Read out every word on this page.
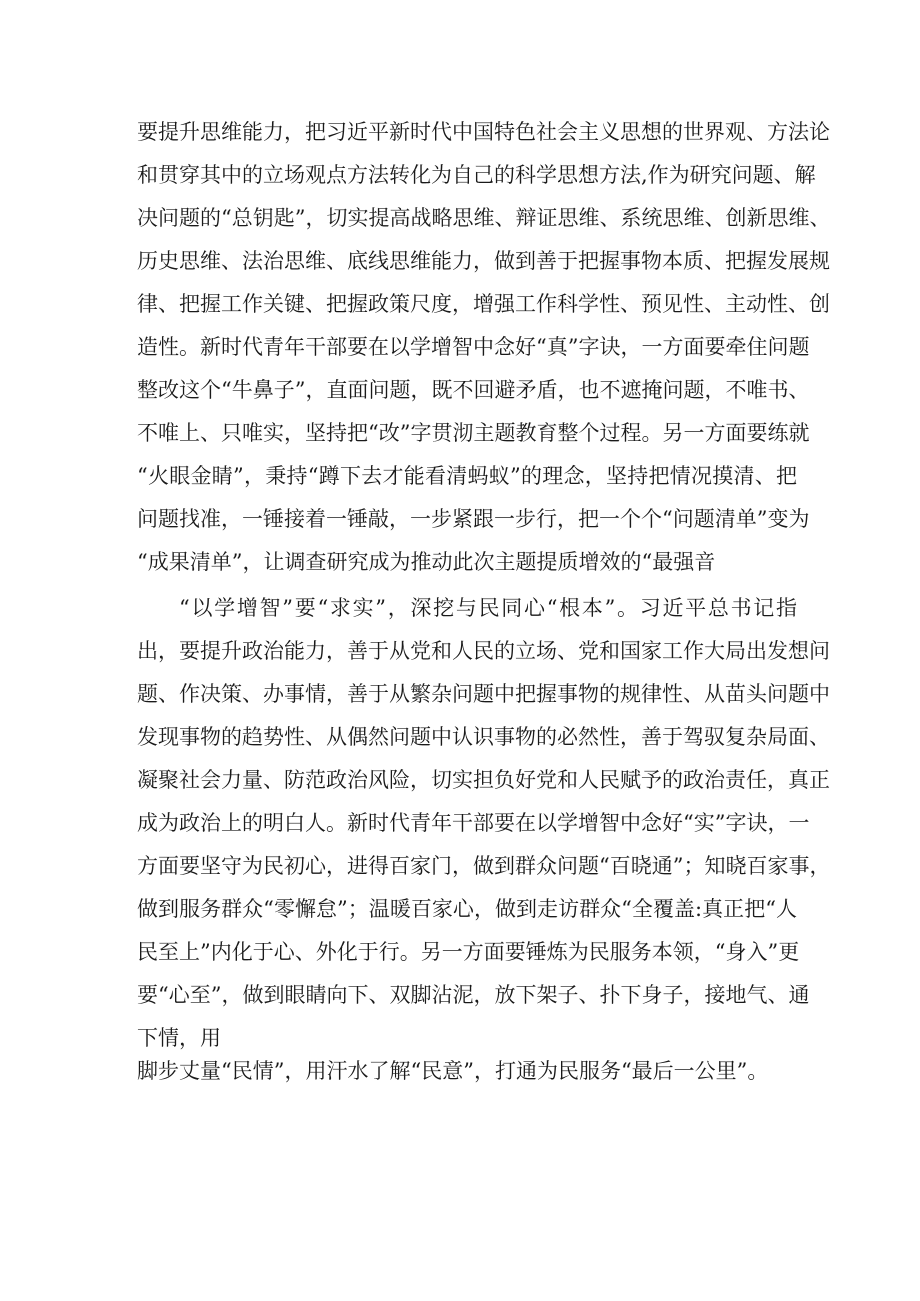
要提升思维能力，把习近平新时代中国特色社会主义思想的世界观、方法论
和贯穿其中的立场观点方法转化为自己的科学思想方法,作为研究问题、解
决问题的“总钥匙”，切实提高战略思维、辩证思维、系统思维、创新思维、
历史思维、法治思维、底线思维能力，做到善于把握事物本质、把握发展规
律、把握工作关键、把握政策尺度，增强工作科学性、预见性、主动性、创
造性。新时代青年干部要在以学增智中念好“真”字诀，一方面要牵住问题
整改这个“牛鼻子”，直面问题，既不回避矛盾，也不遮掩问题，不唯书、
不唯上、只唯实，坚持把“改”字贯沏主题教育整个过程。另一方面要练就
“火眼金睛”，秉持“蹲下去才能看清蚂蚁”的理念，坚持把情况摸清、把
问题找准，一锤接着一锤敲，一步紧跟一步行，把一个个“问题清单”变为
“成果清单”，让调查研究成为推动此次主题提质增效的“最强音
“以学增智”要“求实”，深挖与民同心“根本”。习近平总书记指
出，要提升政治能力，善于从党和人民的立场、党和国家工作大局出发想问
题、作决策、办事情，善于从繁杂问题中把握事物的规律性、从苗头问题中
发现事物的趋势性、从偶然问题中认识事物的必然性，善于驾驭复杂局面、
凝聚社会力量、防范政治风险，切实担负好党和人民赋予的政治责任，真正
成为政治上的明白人。新时代青年干部要在以学增智中念好“实”字诀，一
方面要坚守为民初心，进得百家门，做到群众问题“百晓通”；知晓百家事，
做到服务群众“零懈怠”；温暖百家心，做到走访群众“全覆盖:真正把“人
民至上”内化于心、外化于行。另一方面要锤炼为民服务本领，“身入”更
要“心至”，做到眼睛向下、双脚沾泥，放下架子、扑下身子，接地气、通
下情，用
脚步丈量“民情”，用汗水了解“民意”，打通为民服务“最后一公里”。
